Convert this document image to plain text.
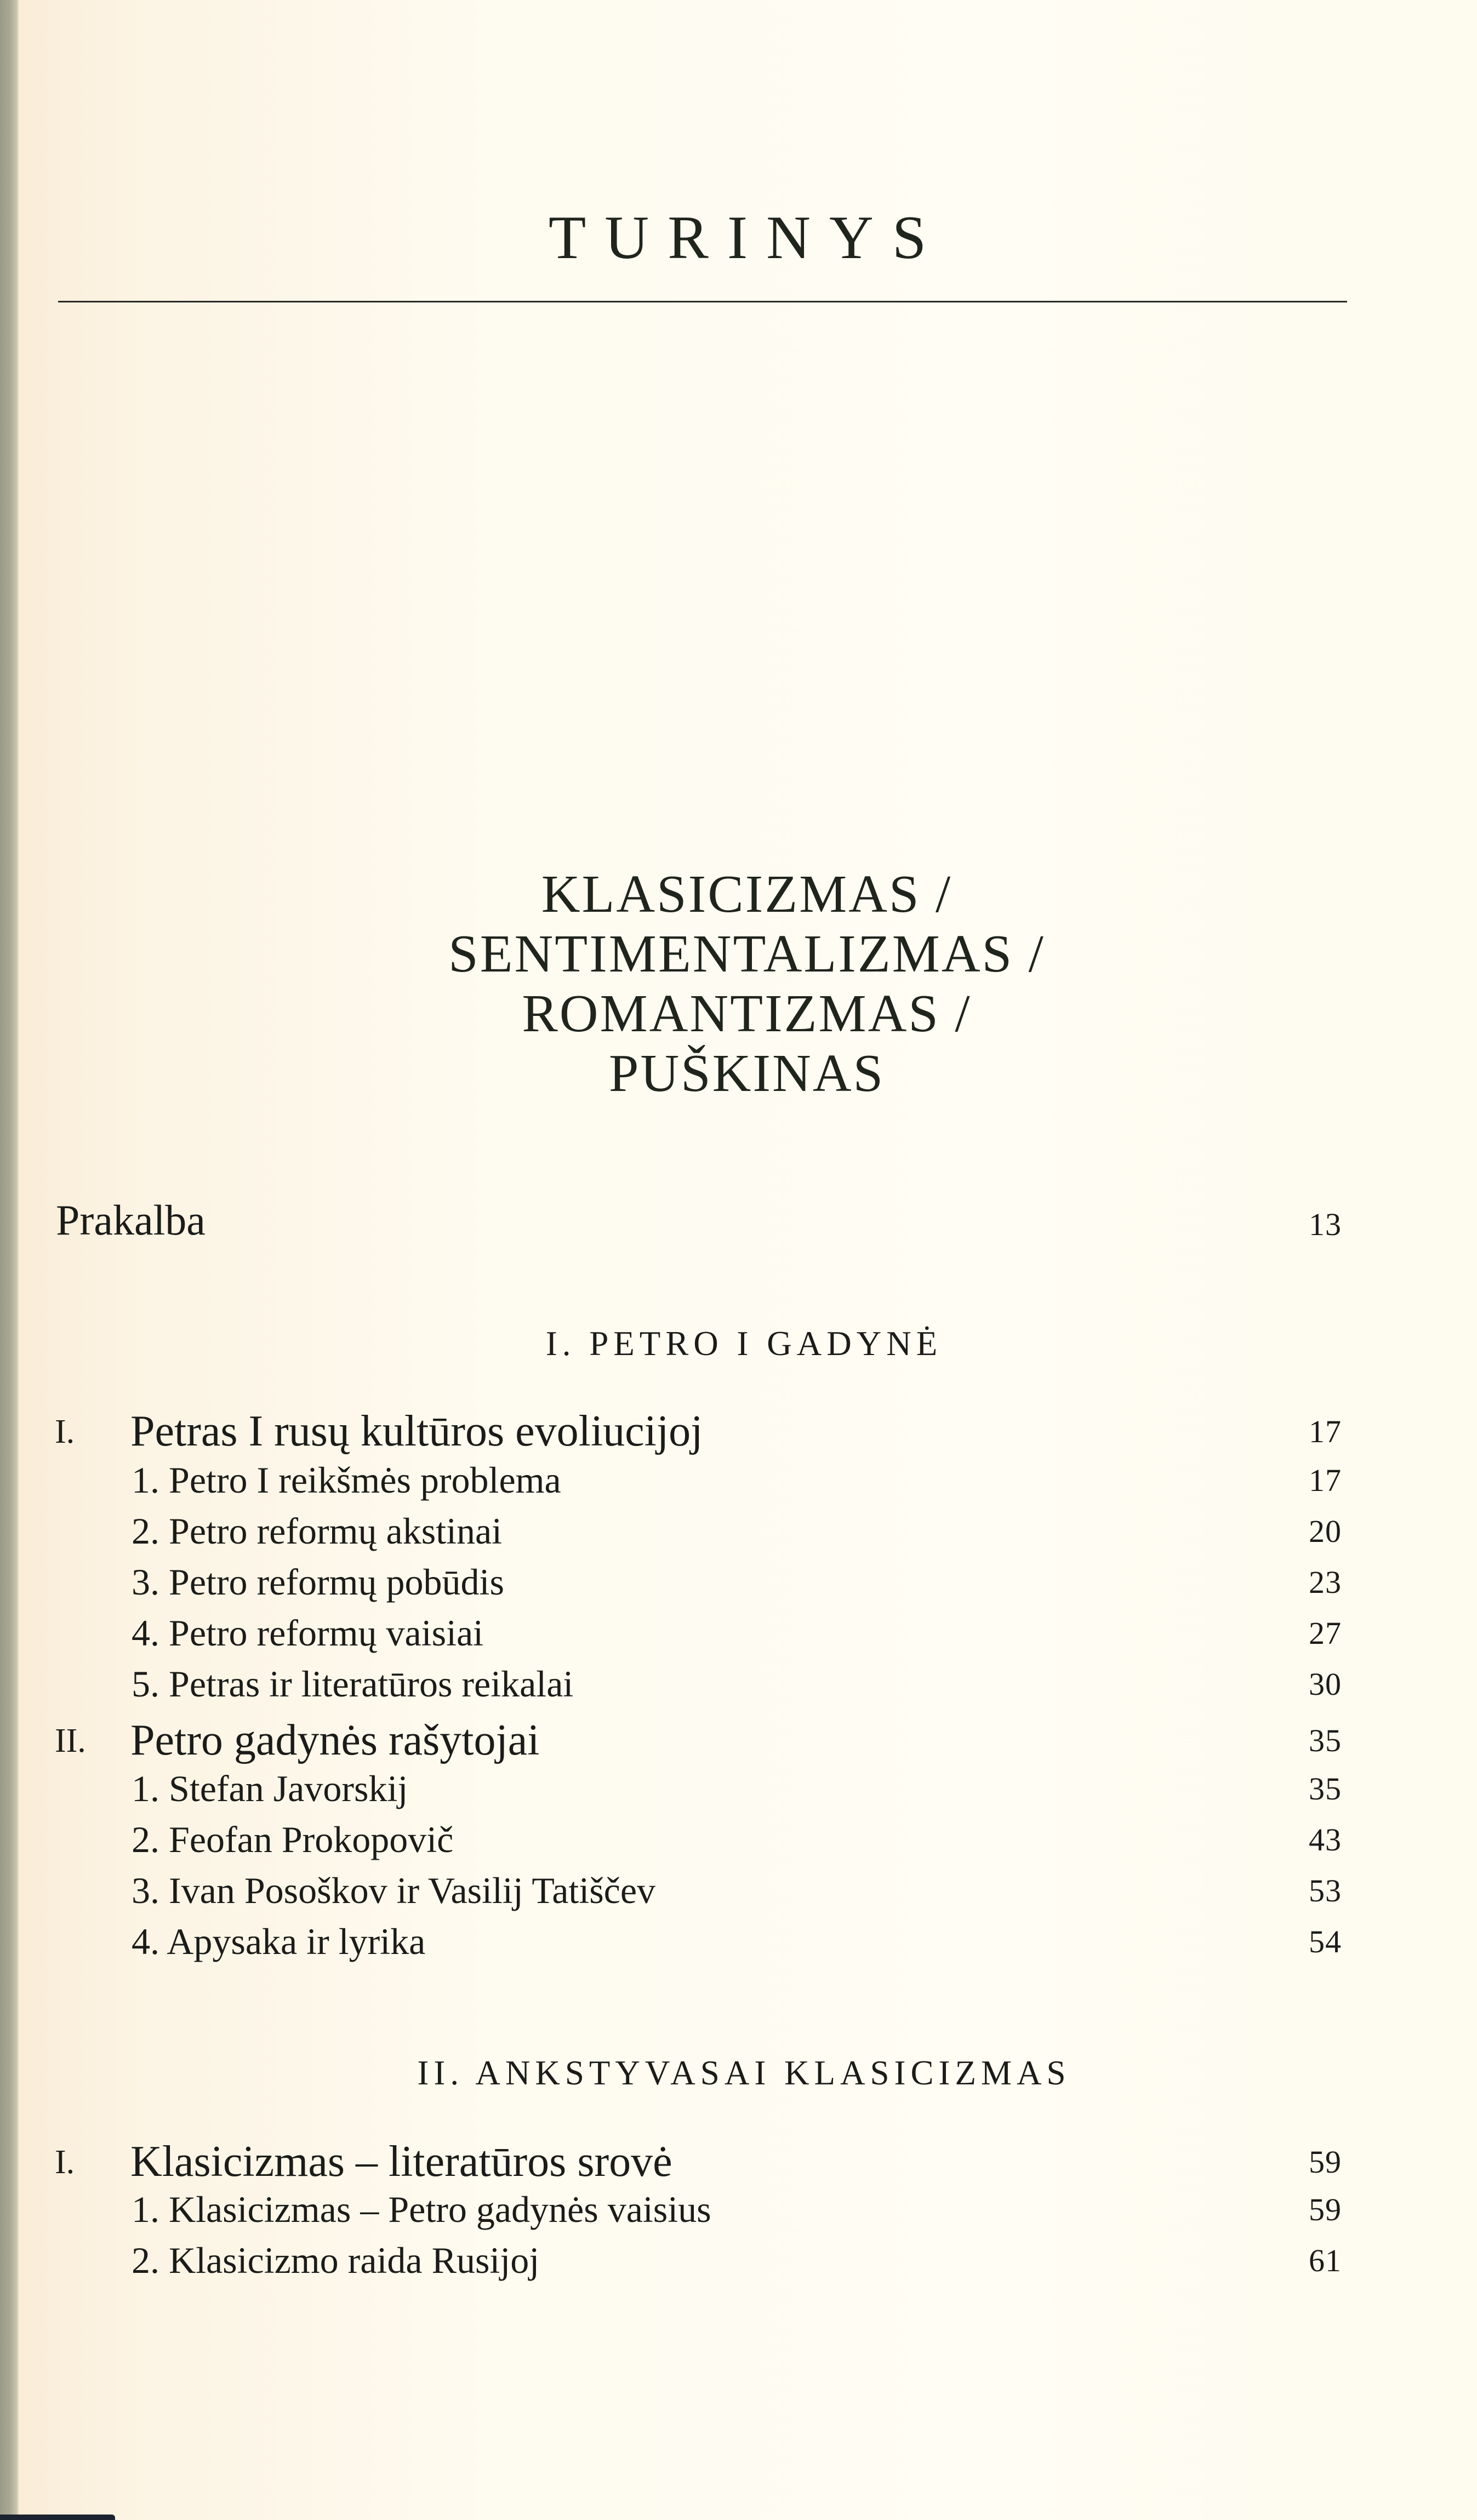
TURINYS
KLASICIZMAS /
SENTIMENTALIZMAS /
ROMANTIZMAS /
PUŠKINAS
Prakalba	13
I. PETRO I GADYNĖ
I. Petras I rusų kultūros evoliucijoj	17
1. Petro I reikšmės problema	17
2. Petro reformų akstinai	20
3. Petro reformų pobūdis	23
4. Petro reformų vaisiai	27
5. Petras ir literatūros reikalai	30
II. Petro gadynės rašytojai	35
1. Stefan Javorskij	35
2. Feofan Prokopovič	43
3. Ivan Posoškov ir Vasilij Tatiščev	53
4. Apysaka ir lyrika	54
II. ANKSTYVASAI KLASICIZMAS
I. Klasicizmas – literatūros srovė	59
1. Klasicizmas – Petro gadynės vaisius	59
2. Klasicizmo raida Rusijoj	61
